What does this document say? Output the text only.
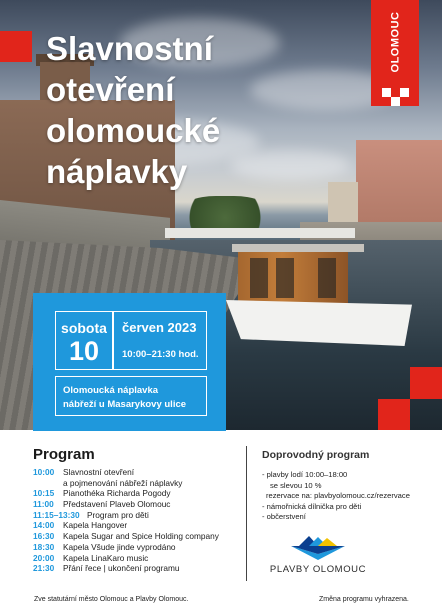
Slavnostní
otevření
olomoucké
náplavky
OLOMOUC
sobota
10
červen 2023
10:00–21:30 hod.
Olomoucká náplavka
nábřeží u Masarykovy ulice
Program
10:00 Slavnostní otevření
a pojmenování nábřeží náplavky
10:15 Pianothéka Richarda Pogody
11:00 Představení Plaveb Olomouc
11:15–13:30 Program pro děti
14:00 Kapela Hangover
16:30 Kapela Sugar and Spice Holding company
18:30 Kapela Všude jinde vyprodáno
20:00 Kapela LinaKaro music
21:30 Přání řece | ukončení programu
Doprovodný program
- plavby lodí 10:00–18:00
se slevou 10 %
rezervace na: plavbyolomouc.cz/rezervace
- námořnická dílnička pro děti
- občerstvení
PLAVBY OLOMOUC
Zve statutární město Olomouc a Plavby Olomouc.	Změna programu vyhrazena.
